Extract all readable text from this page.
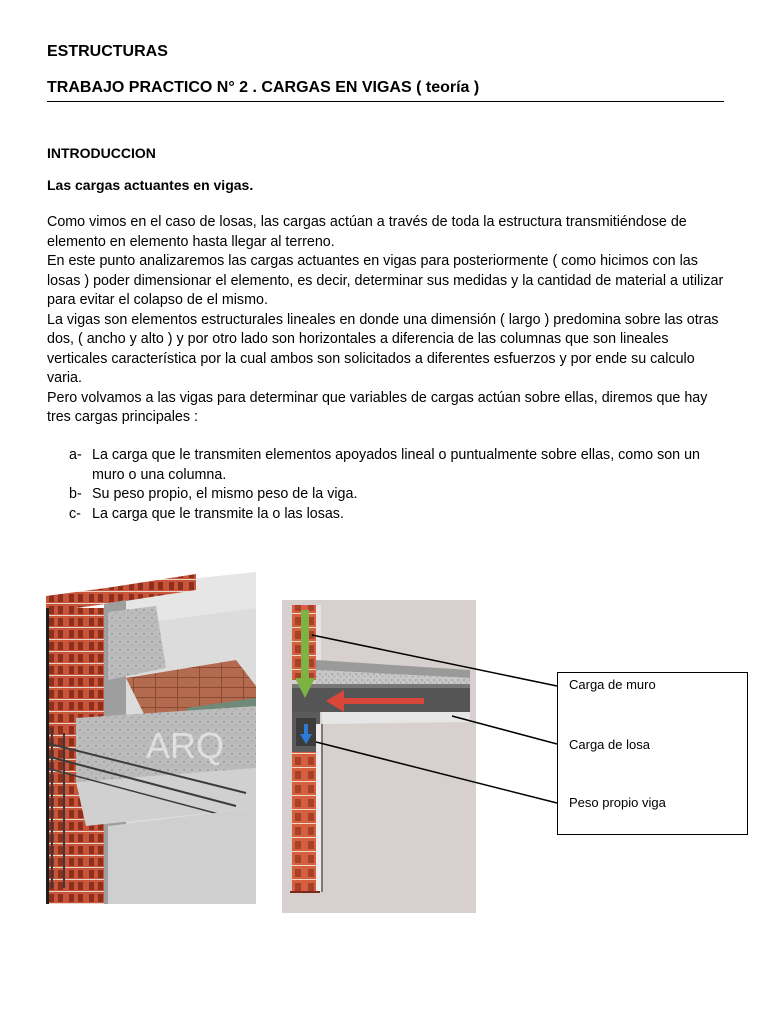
ESTRUCTURAS
TRABAJO PRACTICO N° 2 . CARGAS EN VIGAS ( teoría )
INTRODUCCION
Las cargas actuantes en vigas.

Como vimos en el caso de losas, las cargas actúan a través de toda la estructura transmitiéndose de elemento en elemento hasta llegar al terreno.

En este punto analizaremos las cargas actuantes en vigas para posteriormente ( como hicimos con las losas ) poder dimensionar el elemento, es decir, determinar sus medidas y la cantidad de material a utilizar para evitar el colapso de el mismo.

La vigas son elementos estructurales lineales en donde una dimensión ( largo ) predomina sobre las otras dos, ( ancho y alto ) y por otro lado son horizontales a diferencia de las columnas que son lineales verticales característica por la cual ambos son solicitados a diferentes esfuerzos y por ende su calculo varia.

Pero volvamos a las vigas para determinar que variables de cargas actúan sobre ellas, diremos que hay tres cargas principales :

a- La carga que le transmiten elementos apoyados lineal o puntualmente sobre ellas, como son un muro o una columna.
b- Su peso propio, el mismo peso de la viga.
c- La carga que le transmite la o las losas.
ARQ
Carga de muro
Carga de losa
Peso propio viga
